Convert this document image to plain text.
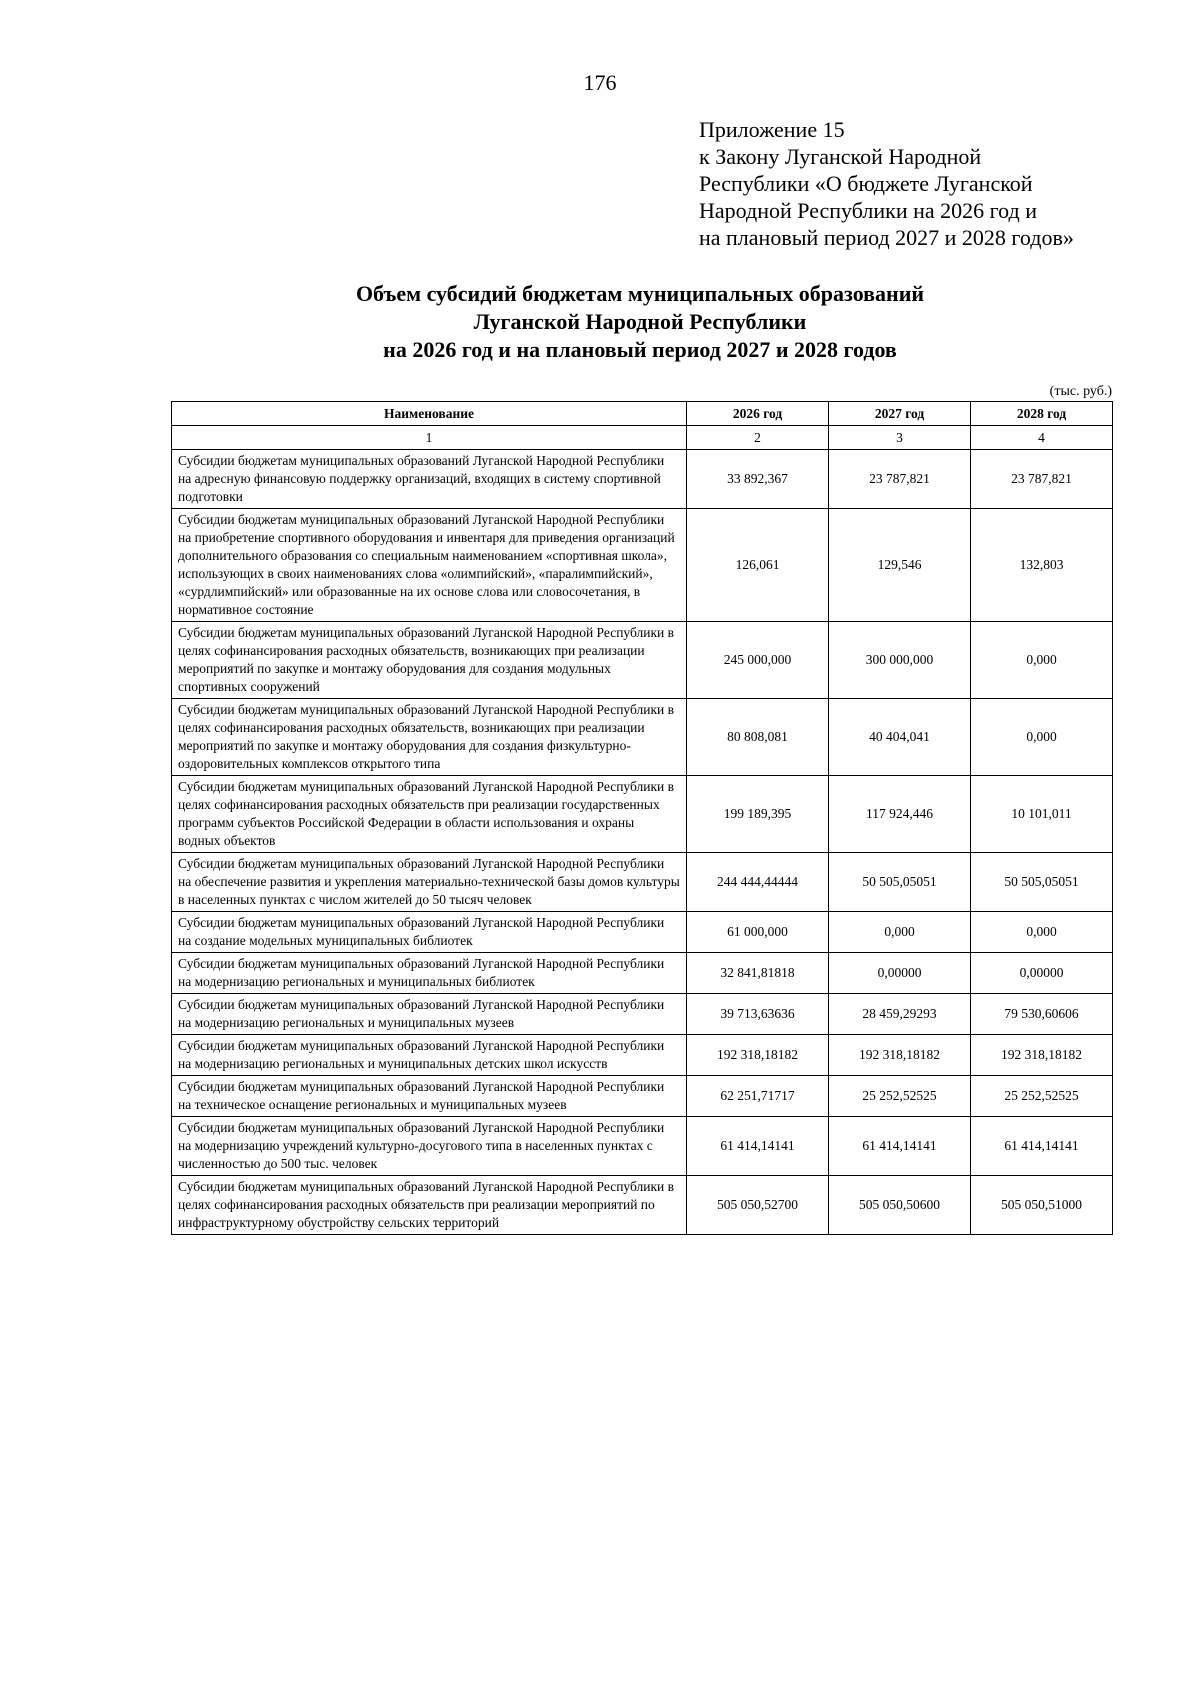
176
Приложение 15
к Закону Луганской Народной
Республики «О бюджете Луганской
Народной Республики на 2026 год и
на плановый период 2027 и 2028 годов»
Объем субсидий бюджетам муниципальных образований
Луганской Народной Республики
на 2026 год и на плановый период 2027 и 2028 годов
(тыс. руб.)
Наименование	2026 год	2027 год	2028 год
1	2	3	4
Субсидии бюджетам муниципальных образований Луганской Народной Республики на адресную финансовую поддержку организаций, входящих в систему спортивной подготовки	33 892,367	23 787,821	23 787,821
Субсидии бюджетам муниципальных образований Луганской Народной Республики на приобретение спортивного оборудования и инвентаря для приведения организаций дополнительного образования со специальным наименованием «спортивная школа», использующих в своих наименованиях слова «олимпийский», «паралимпийский», «сурдлимпийский» или образованные на их основе слова или словосочетания, в нормативное состояние	126,061	129,546	132,803
Субсидии бюджетам муниципальных образований Луганской Народной Республики в целях софинансирования расходных обязательств, возникающих при реализации мероприятий по закупке и монтажу оборудования для создания модульных спортивных сооружений	245 000,000	300 000,000	0,000
Субсидии бюджетам муниципальных образований Луганской Народной Республики в целях софинансирования расходных обязательств, возникающих при реализации мероприятий по закупке и монтажу оборудования для создания физкультурно-оздоровительных комплексов открытого типа	80 808,081	40 404,041	0,000
Субсидии бюджетам муниципальных образований Луганской Народной Республики в целях софинансирования расходных обязательств при реализации государственных программ субъектов Российской Федерации в области использования и охраны водных объектов	199 189,395	117 924,446	10 101,011
Субсидии бюджетам муниципальных образований Луганской Народной Республики на обеспечение развития и укрепления материально-технической базы домов культуры в населенных пунктах с числом жителей до 50 тысяч человек	244 444,44444	50 505,05051	50 505,05051
Субсидии бюджетам муниципальных образований Луганской Народной Республики на создание модельных муниципальных библиотек	61 000,000	0,000	0,000
Субсидии бюджетам муниципальных образований Луганской Народной Республики на модернизацию региональных и муниципальных библиотек	32 841,81818	0,00000	0,00000
Субсидии бюджетам муниципальных образований Луганской Народной Республики на модернизацию региональных и муниципальных музеев	39 713,63636	28 459,29293	79 530,60606
Субсидии бюджетам муниципальных образований Луганской Народной Республики на модернизацию региональных и муниципальных детских школ искусств	192 318,18182	192 318,18182	192 318,18182
Субсидии бюджетам муниципальных образований Луганской Народной Республики на техническое оснащение региональных и муниципальных музеев	62 251,71717	25 252,52525	25 252,52525
Субсидии бюджетам муниципальных образований Луганской Народной Республики на модернизацию учреждений культурно-досугового типа в населенных пунктах с численностью до 500 тыс. человек	61 414,14141	61 414,14141	61 414,14141
Субсидии бюджетам муниципальных образований Луганской Народной Республики в целях софинансирования расходных обязательств при реализации мероприятий по инфраструктурному обустройству сельских территорий	505 050,52700	505 050,50600	505 050,51000
